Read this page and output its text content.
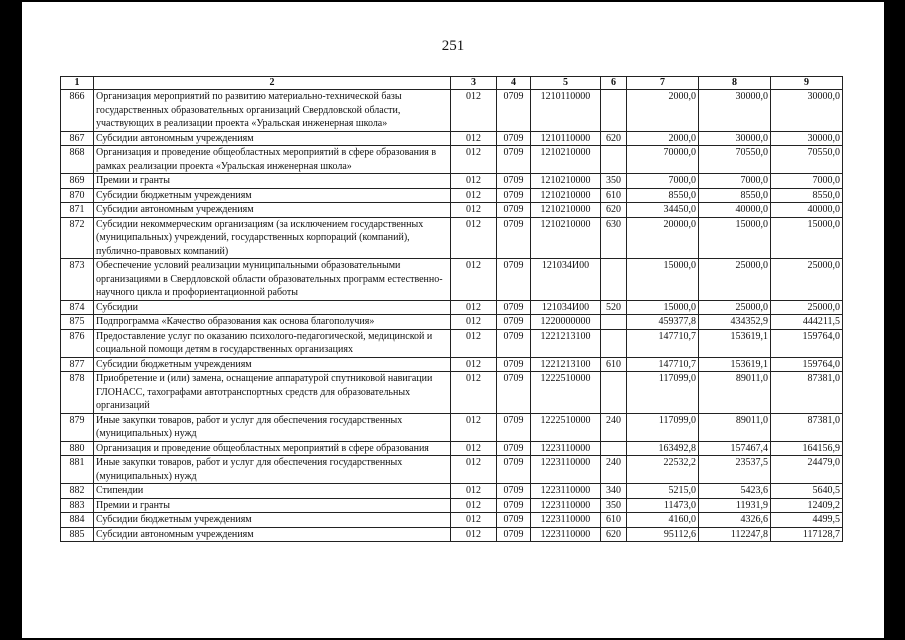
251
1	2	3	4	5	6	7	8	9
866	Организация мероприятий по развитию материально-технической базы государственных образовательных организаций Свердловской области, участвующих в реализации проекта «Уральская инженерная школа»	012	0709	1210110000		2000,0	30000,0	30000,0
867	Субсидии автономным учреждениям	012	0709	1210110000	620	2000,0	30000,0	30000,0
868	Организация и проведение общеобластных мероприятий в сфере образования в рамках реализации проекта «Уральская инженерная школа»	012	0709	1210210000		70000,0	70550,0	70550,0
869	Премии и гранты	012	0709	1210210000	350	7000,0	7000,0	7000,0
870	Субсидии бюджетным учреждениям	012	0709	1210210000	610	8550,0	8550,0	8550,0
871	Субсидии автономным учреждениям	012	0709	1210210000	620	34450,0	40000,0	40000,0
872	Субсидии некоммерческим организациям (за исключением государственных (муниципальных) учреждений, государственных корпораций (компаний), публично-правовых компаний)	012	0709	1210210000	630	20000,0	15000,0	15000,0
873	Обеспечение условий реализации муниципальными образовательными организациями в Свердловской области образовательных программ естественно-научного цикла и профориентационной работы	012	0709	121034И00		15000,0	25000,0	25000,0
874	Субсидии	012	0709	121034И00	520	15000,0	25000,0	25000,0
875	Подпрограмма «Качество образования как основа благополучия»	012	0709	1220000000		459377,8	434352,9	444211,5
876	Предоставление услуг по оказанию психолого-педагогической, медицинской и социальной помощи детям в государственных организациях	012	0709	1221213100		147710,7	153619,1	159764,0
877	Субсидии бюджетным учреждениям	012	0709	1221213100	610	147710,7	153619,1	159764,0
878	Приобретение и (или) замена, оснащение аппаратурой спутниковой навигации ГЛОНАСС, тахографами автотранспортных средств для образовательных организаций	012	0709	1222510000		117099,0	89011,0	87381,0
879	Иные закупки товаров, работ и услуг для обеспечения государственных (муниципальных) нужд	012	0709	1222510000	240	117099,0	89011,0	87381,0
880	Организация и проведение общеобластных мероприятий в сфере образования	012	0709	1223110000		163492,8	157467,4	164156,9
881	Иные закупки товаров, работ и услуг для обеспечения государственных (муниципальных) нужд	012	0709	1223110000	240	22532,2	23537,5	24479,0
882	Стипендии	012	0709	1223110000	340	5215,0	5423,6	5640,5
883	Премии и гранты	012	0709	1223110000	350	11473,0	11931,9	12409,2
884	Субсидии бюджетным учреждениям	012	0709	1223110000	610	4160,0	4326,6	4499,5
885	Субсидии автономным учреждениям	012	0709	1223110000	620	95112,6	112247,8	117128,7
